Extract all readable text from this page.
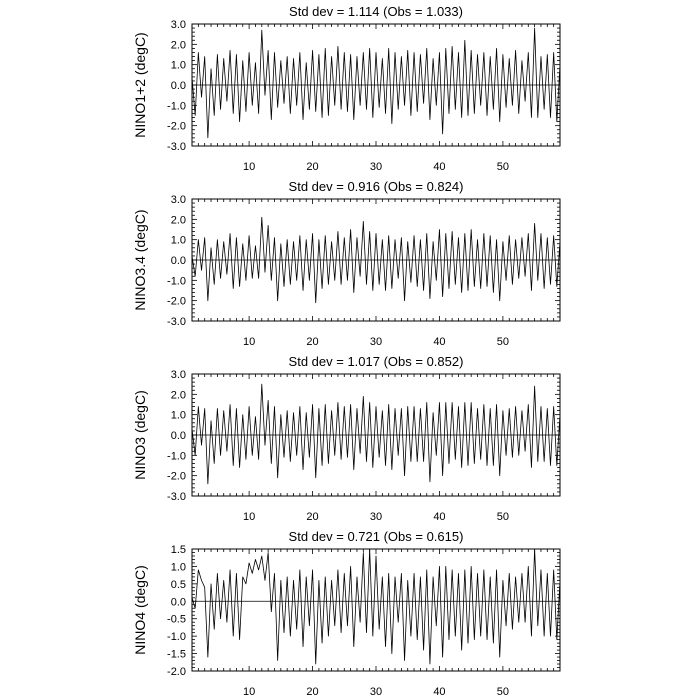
Std dev = 1.114 (Obs = 1.033)
NINO1+2 (degC)
-3.0
-2.0
-1.0
0.0
1.0
2.0
3.0
10	20	30	40	50
Std dev = 0.916 (Obs = 0.824)
NINO3.4 (degC)
-3.0
-2.0
-1.0
0.0
1.0
2.0
3.0
10	20	30	40	50
Std dev = 1.017 (Obs = 0.852)
NINO3 (degC)
-3.0
-2.0
-1.0
0.0
1.0
2.0
3.0
10	20	30	40	50
Std dev = 0.721 (Obs = 0.615)
NINO4 (degC)
-2.0
-1.5
-1.0
-0.5
0.0
0.5
1.0
1.5
10	20	30	40	50
